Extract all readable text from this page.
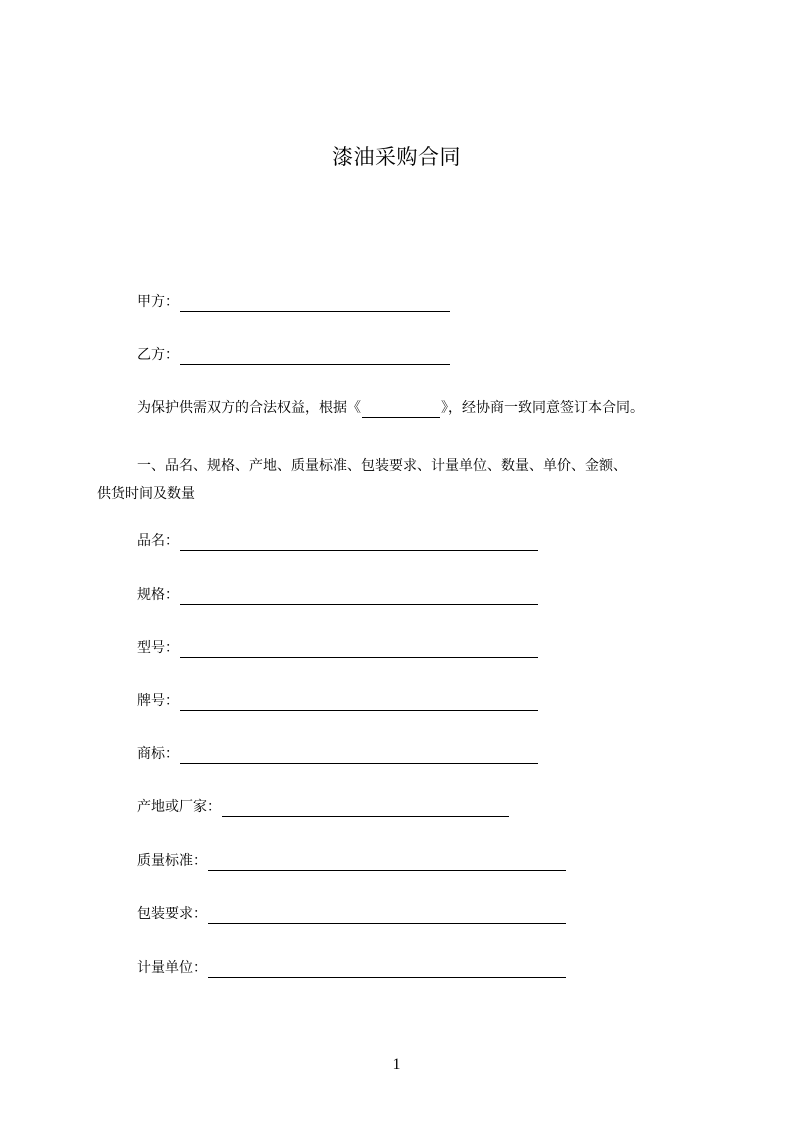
漆油采购合同
甲方：
乙方：
为保护供需双方的合法权益，根据《	》，经协商一致同意签订本合同。
一、品名、规格、产地、质量标准、包装要求、计量单位、数量、单价、金额、
供货时间及数量
品名：
规格：
型号：
牌号：
商标：
产地或厂家：
质量标准：
包装要求：
计量单位：
1
